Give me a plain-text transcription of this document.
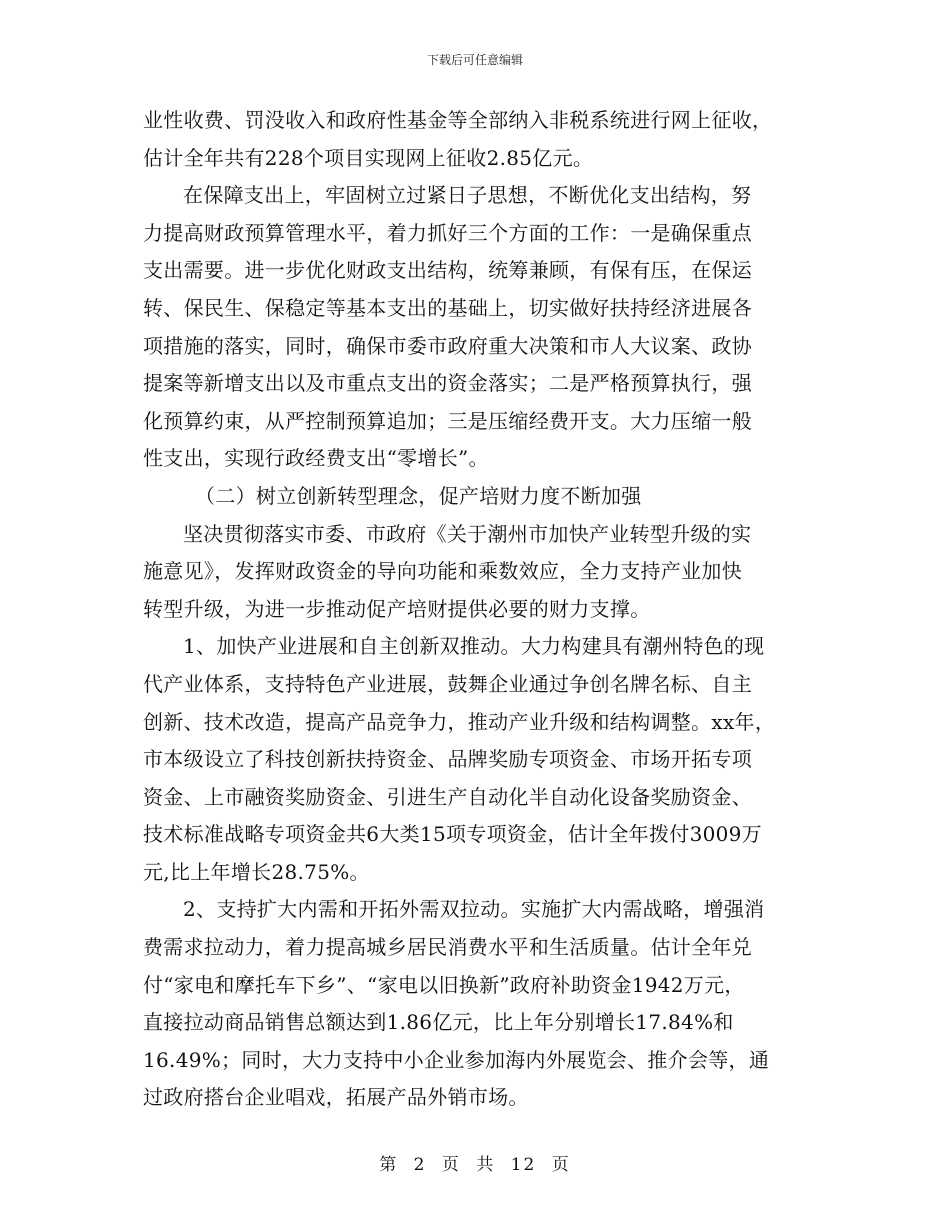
下载后可任意编辑

业性收费、罚没收入和政府性基金等全部纳入非税系统进行网上征收，
估计全年共有228个项目实现网上征收2.85亿元。

在保障支出上，牢固树立过紧日子思想，不断优化支出结构，努
力提高财政预算管理水平，着力抓好三个方面的工作：一是确保重点
支出需要。进一步优化财政支出结构，统筹兼顾，有保有压，在保运
转、保民生、保稳定等基本支出的基础上，切实做好扶持经济进展各
项措施的落实，同时，确保市委市政府重大决策和市人大议案、政协
提案等新增支出以及市重点支出的资金落实；二是严格预算执行，强
化预算约束，从严控制预算追加；三是压缩经费开支。大力压缩一般
性支出，实现行政经费支出“零增长”。

（二）树立创新转型理念，促产培财力度不断加强

坚决贯彻落实市委、市政府《关于潮州市加快产业转型升级的实
施意见》，发挥财政资金的导向功能和乘数效应，全力支持产业加快
转型升级，为进一步推动促产培财提供必要的财力支撑。

1、加快产业进展和自主创新双推动。大力构建具有潮州特色的现
代产业体系，支持特色产业进展，鼓舞企业通过争创名牌名标、自主
创新、技术改造，提高产品竞争力，推动产业升级和结构调整。xx年，
市本级设立了科技创新扶持资金、品牌奖励专项资金、市场开拓专项
资金、上市融资奖励资金、引进生产自动化半自动化设备奖励资金、
技术标准战略专项资金共6大类15项专项资金，估计全年拨付3009万
元,比上年增长28.75%。

2、支持扩大内需和开拓外需双拉动。实施扩大内需战略，增强消
费需求拉动力，着力提高城乡居民消费水平和生活质量。估计全年兑
付“家电和摩托车下乡”、“家电以旧换新”政府补助资金1942万元，
直接拉动商品销售总额达到1.86亿元，比上年分别增长17.84%和
16.49%；同时，大力支持中小企业参加海内外展览会、推介会等，通
过政府搭台企业唱戏，拓展产品外销市场。

第 2 页 共 12 页
